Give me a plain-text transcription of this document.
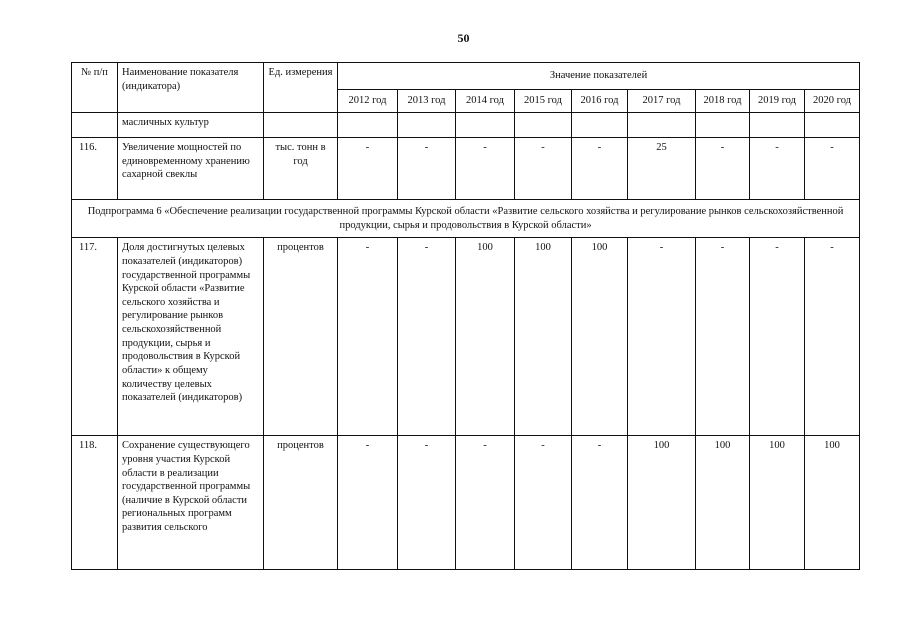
50
№ п/п	Наименование показателя (индикатора)	Ед. измерения	Значение показателей								
			2012 год	2013 год	2014 год	2015 год	2016 год	2017 год	2018 год	2019 год	2020 год
	масличных культур										
116.	Увеличение мощностей по единовременному хранению сахарной свеклы	тыс. тонн в год	-	-	-	-	-	25	-	-	-
Подпрограмма 6 «Обеспечение реализации государственной программы Курской области «Развитие сельского хозяйства и регулирование рынков сельскохозяйственной продукции, сырья и продовольствия в Курской области»											
117.	Доля достигнутых целевых показателей (индикаторов) государственной программы Курской области «Развитие сельского хозяйства и регулирование рынков сельскохозяйственной продукции, сырья и продовольствия в Курской области» к общему количеству целевых показателей (индикаторов)	процентов	-	-	100	100	100	-	-	-	-
118.	Сохранение существующего уровня участия Курской области в реализации государственной программы (наличие в Курской области региональных программ развития сельского	процентов	-	-	-	-	-	100	100	100	100
